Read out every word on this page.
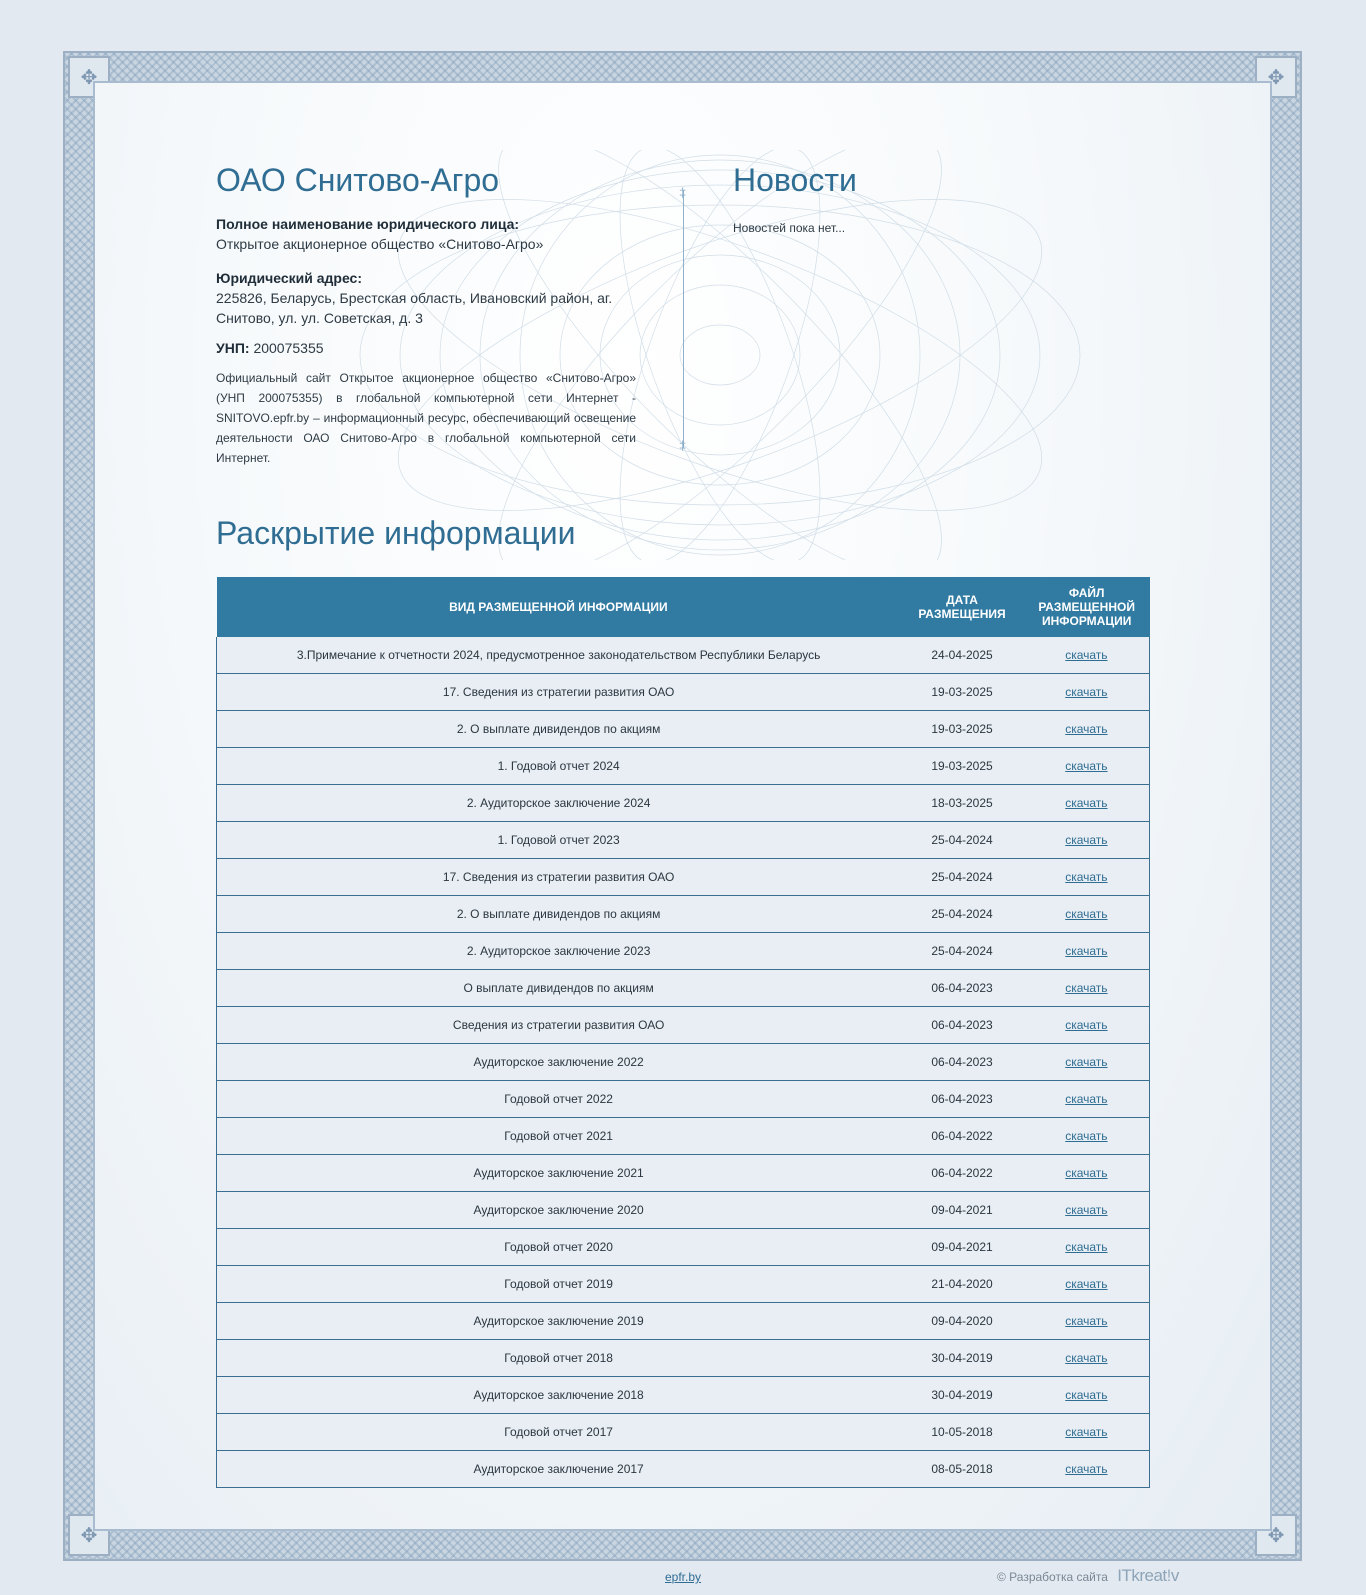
✥
✥
✥
✥
ОАО Снитово-Агро
Полное наименование юридического лица:
Открытое акционерное общество «Снитово-Агро»
Юридический адрес:
225826, Беларусь, Брестская область, Ивановский район, аг. Снитово, ул. ул. Советская, д. 3
УНП: 200075355
Официальный сайт Открытое акционерное общество «Снитово-Агро» (УНП 200075355) в глобальной компьютерной сети Интернет - SNITOVO.epfr.by – информационный ресурс, обеспечивающий освещение деятельности ОАО Снитово-Агро в глобальной компьютерной сети Интернет.
‡ ‡
Новости
Новостей пока нет...
Раскрытие информации
ВИД РАЗМЕЩЕННОЙ ИНФОРМАЦИИ	ДАТА РАЗМЕЩЕНИЯ	ФАЙЛ РАЗМЕЩЕННОЙ ИНФОРМАЦИИ
3.Примечание к отчетности 2024, предусмотренное законодательством Республики Беларусь	24-04-2025	скачать
17. Сведения из стратегии развития ОАО	19-03-2025	скачать
2. О выплате дивидендов по акциям	19-03-2025	скачать
1. Годовой отчет 2024	19-03-2025	скачать
2. Аудиторское заключение 2024	18-03-2025	скачать
1. Годовой отчет 2023	25-04-2024	скачать
17. Сведения из стратегии развития ОАО	25-04-2024	скачать
2. О выплате дивидендов по акциям	25-04-2024	скачать
2. Аудиторское заключение 2023	25-04-2024	скачать
О выплате дивидендов по акциям	06-04-2023	скачать
Сведения из стратегии развития ОАО	06-04-2023	скачать
Аудиторское заключение 2022	06-04-2023	скачать
Годовой отчет 2022	06-04-2023	скачать
Годовой отчет 2021	06-04-2022	скачать
Аудиторское заключение 2021	06-04-2022	скачать
Аудиторское заключение 2020	09-04-2021	скачать
Годовой отчет 2020	09-04-2021	скачать
Годовой отчет 2019	21-04-2020	скачать
Аудиторское заключение 2019	09-04-2020	скачать
Годовой отчет 2018	30-04-2019	скачать
Аудиторское заключение 2018	30-04-2019	скачать
Годовой отчет 2017	10-05-2018	скачать
Аудиторское заключение 2017	08-05-2018	скачать
epfr.by	© Разработка сайта ITkreat!v
